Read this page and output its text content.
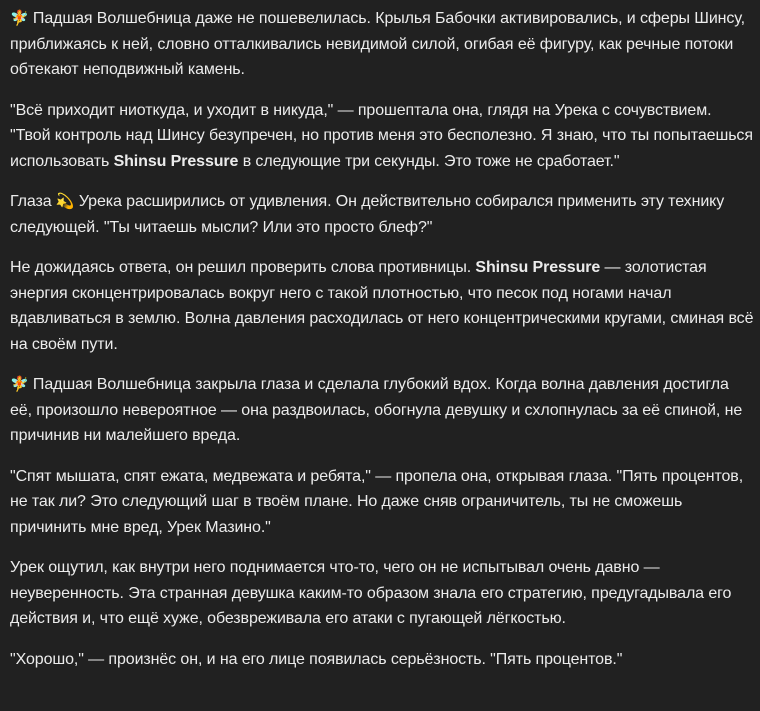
🧚 Падшая Волшебница даже не пошевелилась. Крылья Бабочки активировались, и сферы Шинсу, приближаясь к ней, словно отталкивались невидимой силой, огибая её фигуру, как речные потоки обтекают неподвижный камень.

"Всё приходит ниоткуда, и уходит в никуда," — прошептала она, глядя на Урека с сочувствием. "Твой контроль над Шинсу безупречен, но против меня это бесполезно. Я знаю, что ты попытаешься использовать Shinsu Pressure в следующие три секунды. Это тоже не сработает."

Глаза 💫 Урека расширились от удивления. Он действительно собирался применить эту технику следующей. "Ты читаешь мысли? Или это просто блеф?"

Не дожидаясь ответа, он решил проверить слова противницы. Shinsu Pressure — золотистая энергия сконцентрировалась вокруг него с такой плотностью, что песок под ногами начал вдавливаться в землю. Волна давления расходилась от него концентрическими кругами, сминая всё на своём пути.

🧚 Падшая Волшебница закрыла глаза и сделала глубокий вдох. Когда волна давления достигла её, произошло невероятное — она раздвоилась, обогнула девушку и схлопнулась за её спиной, не причинив ни малейшего вреда.

"Спят мышата, спят ежата, медвежата и ребята," — пропела она, открывая глаза. "Пять процентов, не так ли? Это следующий шаг в твоём плане. Но даже сняв ограничитель, ты не сможешь причинить мне вред, Урек Мазино."

Урек ощутил, как внутри него поднимается что-то, чего он не испытывал очень давно — неуверенность. Эта странная девушка каким-то образом знала его стратегию, предугадывала его действия и, что ещё хуже, обезвреживала его атаки с пугающей лёгкостью.

"Хорошо," — произнёс он, и на его лице появилась серьёзность. "Пять процентов."
